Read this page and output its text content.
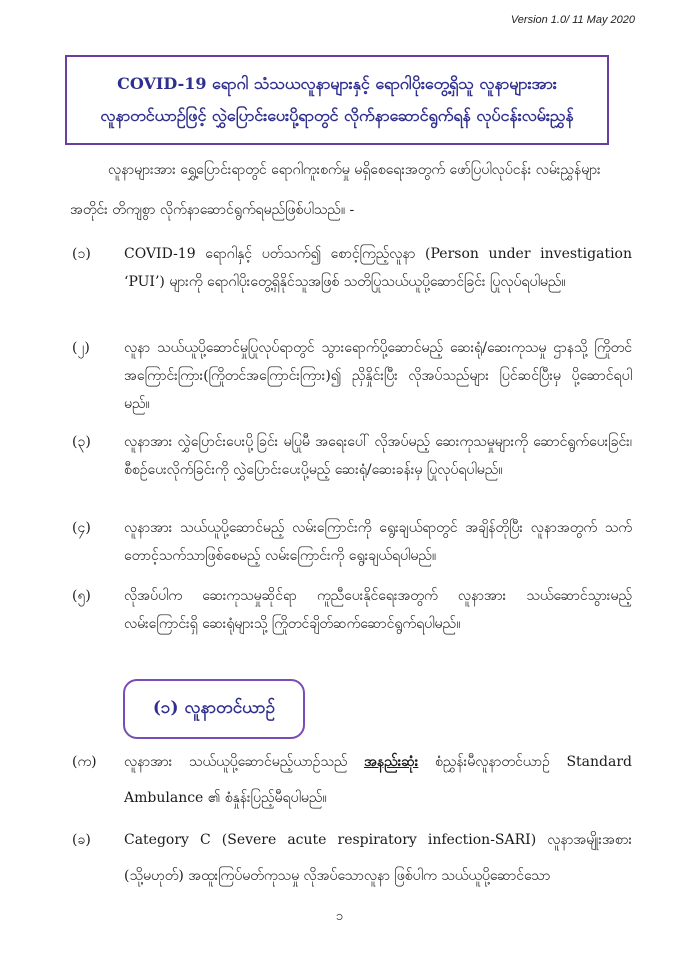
Version 1.0/ 11 May 2020
COVID-19 ရောဂါ သံသယလူနာများနှင့် ရောဂါပိုးတွေ့ရှိသူ လူနာများအား
လူနာတင်ယာဉ်ဖြင့် လွှဲပြောင်းပေးပို့ရာတွင် လိုက်နာဆောင်ရွက်ရန် လုပ်ငန်းလမ်းညွှန်

လူနာများအား ရွှေ့ပြောင်းရာတွင် ရောဂါကူးစက်မှု မရှိစေရေးအတွက် ဖော်ပြပါလုပ်ငန်း လမ်းညွှန်များအတိုင်း တိကျစွာ လိုက်နာဆောင်ရွက်ရမည်ဖြစ်ပါသည်။ -

(၁)	COVID-19 ရောဂါနှင့် ပတ်သက်၍ စောင့်ကြည့်လူနာ (Person under investigation ‘PUI’) များကို ရောဂါပိုးတွေ့ရှိနိုင်သူအဖြစ် သတိပြုသယ်ယူပို့ဆောင်ခြင်း ပြုလုပ်ရပါမည်။
(၂)	လူနာ သယ်ယူပို့ဆောင်မှုပြုလုပ်ရာတွင် သွားရောက်ပို့ဆောင်မည့် ဆေးရုံ/ဆေးကုသမှု ဌာနသို့ ကြိုတင်အကြောင်းကြား(ကြိုတင်အကြောင်းကြား)၍ ညှိနှိုင်းပြီး လိုအပ်သည်များ ပြင်ဆင်ပြီးမှ ပို့ဆောင်ရပါမည်။
(၃)	လူနာအား လွှဲပြောင်းပေးပို့ခြင်း မပြုမီ အရေးပေါ် လိုအပ်မည့် ဆေးကုသမှုများကို ဆောင်ရွက်ပေးခြင်း၊ စီစဉ်ပေးလိုက်ခြင်းကို လွှဲပြောင်းပေးပို့မည့် ဆေးရုံ/ဆေးခန်းမှ ပြုလုပ်ရပါမည်။
(၄)	လူနာအား သယ်ယူပို့ဆောင်မည့် လမ်းကြောင်းကို ရွေးချယ်ရာတွင် အချိန်တိုပြီး လူနာအတွက် သက်တောင့်သက်သာဖြစ်စေမည့် လမ်းကြောင်းကို ရွေးချယ်ရပါမည်။
(၅)	လိုအပ်ပါက ဆေးကုသမှုဆိုင်ရာ ကူညီပေးနိုင်ရေးအတွက် လူနာအား သယ်ဆောင်သွားမည့် လမ်းကြောင်းရှိ ဆေးရုံများသို့ ကြိုတင်ချိတ်ဆက်ဆောင်ရွက်ရပါမည်။
(၁) လူနာတင်ယာဉ်
(က)	လူနာအား သယ်ယူပို့ဆောင်မည့်ယာဉ်သည် အနည်းဆုံး စံညွှန်းမီလူနာတင်ယာဉ် Standard Ambulance ၏ စံနှုန်းပြည့်မီရပါမည်။
(ခ)	Category C (Severe acute respiratory infection-SARI) လူနာအမျိုးအစား (သို့မဟုတ်) အထူးကြပ်မတ်ကုသမှု လိုအပ်သောလူနာ ဖြစ်ပါက သယ်ယူပို့ဆောင်သော
၁
